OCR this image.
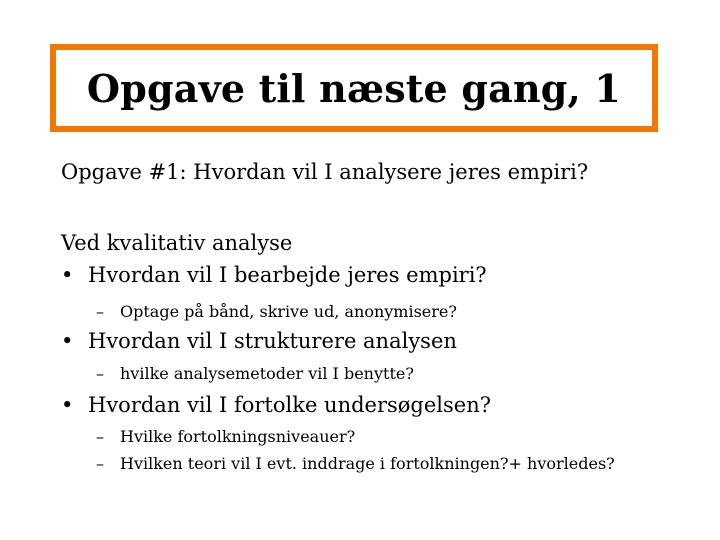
Opgave til næste gang, 1
Opgave #1: Hvordan vil I analysere jeres empiri?
Ved kvalitativ analyse
• Hvordan vil I bearbejde jeres empiri?
– Optage på bånd, skrive ud, anonymisere?
• Hvordan vil I strukturere analysen
– hvilke analysemetoder vil I benytte?
• Hvordan vil I fortolke undersøgelsen?
– Hvilke fortolkningsniveauer?
– Hvilken teori vil I evt. inddrage i fortolkningen?+ hvorledes?
